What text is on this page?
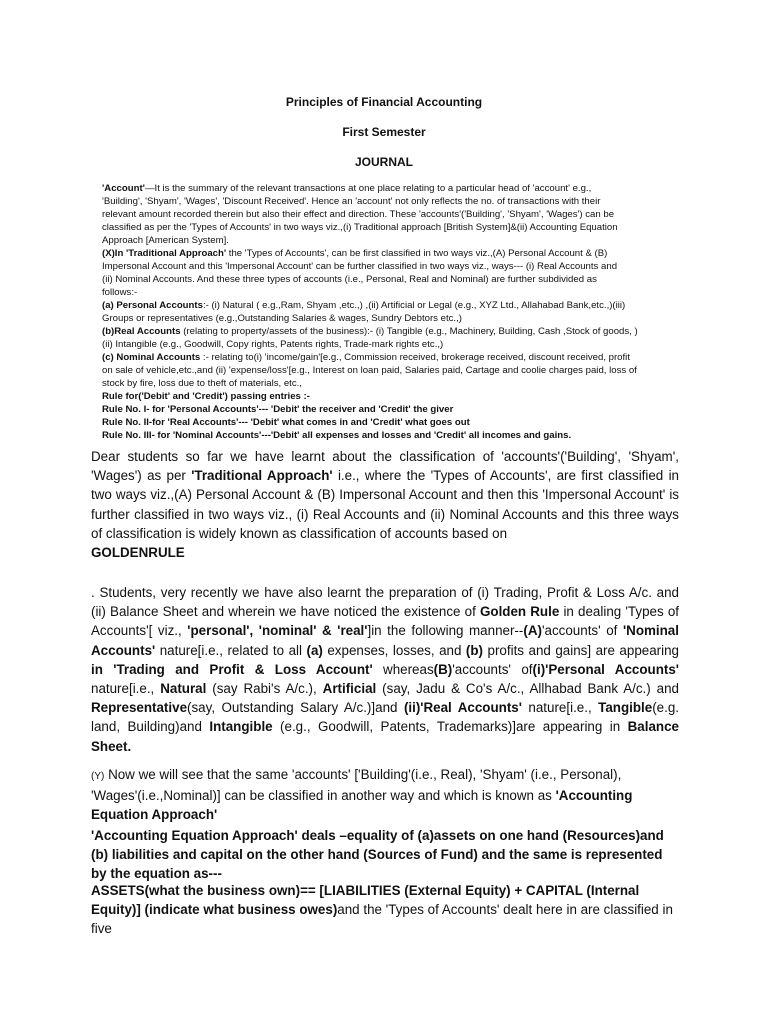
Principles of Financial Accounting
First Semester
JOURNAL
'Account'—It is the summary of the relevant transactions at one place relating to a particular head of 'account' e.g.,
'Building', 'Shyam', 'Wages', 'Discount Received'. Hence an 'account' not only reflects the no. of transactions with their
relevant amount recorded therein but also their effect and direction. These 'accounts'('Building', 'Shyam', 'Wages') can be
classified as per the 'Types of Accounts' in two ways viz.,(i) Traditional approach [British System]&(ii) Accounting Equation
Approach [American System].
(X)In 'Traditional Approach' the 'Types of Accounts', can be first classified in two ways viz.,(A) Personal Account & (B)
Impersonal Account and this 'Impersonal Account' can be further classified in two ways viz., ways--- (i) Real Accounts and
(ii) Nominal Accounts. And these three types of accounts (i.e., Personal, Real and Nominal) are further subdivided as
follows:-
(a) Personal Accounts:- (i) Natural ( e.g.,Ram, Shyam ,etc.,) ,(ii) Artificial or Legal (e.g., XYZ Ltd., Allahabad Bank,etc.,)(iii)
Groups or representatives (e.g.,Outstanding Salaries & wages, Sundry Debtors etc.,)
(b)Real Accounts (relating to property/assets of the business):- (i) Tangible (e.g., Machinery, Building, Cash ,Stock of goods, )
(ii) Intangible (e.g., Goodwill, Copy rights, Patents rights, Trade-mark rights etc.,)
(c) Nominal Accounts :- relating to(i) 'income/gain'[e.g., Commission received, brokerage received, discount received, profit
on sale of vehicle,etc.,and (ii) 'expense/loss'[e.g., Interest on loan paid, Salaries paid, Cartage and coolie charges paid, loss of
stock by fire, loss due to theft of materials, etc.,
Rule for('Debit' and 'Credit') passing entries :-
Rule No. I- for 'Personal Accounts'--- 'Debit' the receiver and 'Credit' the giver
Rule No. II-for 'Real Accounts'--- 'Debit' what comes in and 'Credit' what goes out
Rule No. III- for 'Nominal Accounts'---'Debit' all expenses and losses and 'Credit' all incomes and gains.

Dear students so far we have learnt about the classification of 'accounts'('Building', 'Shyam', 'Wages') as per 'Traditional Approach' i.e., where the 'Types of Accounts', are first classified in two ways viz.,(A) Personal Account & (B) Impersonal Account and then this 'Impersonal Account' is further classified in two ways viz., (i) Real Accounts and (ii) Nominal Accounts and this three ways of classification is widely known as classification of accounts based on

GOLDENRULE

. Students, very recently we have also learnt the preparation of (i) Trading, Profit & Loss A/c. and (ii) Balance Sheet and wherein we have noticed the existence of Golden Rule in dealing 'Types of Accounts'[ viz., 'personal', 'nominal' & 'real']in the following manner--(A)'accounts' of 'Nominal Accounts' nature[i.e., related to all (a) expenses, losses, and (b) profits and gains] are appearing in 'Trading and Profit & Loss Account' whereas(B)'accounts' of(i)'Personal Accounts' nature[i.e., Natural (say Rabi's A/c.), Artificial (say, Jadu & Co's A/c., Allhabad Bank A/c.) and Representative(say, Outstanding Salary A/c.)]and (ii)'Real Accounts' nature[i.e., Tangible(e.g. land, Building)and Intangible (e.g., Goodwill, Patents, Trademarks)]are appearing in Balance Sheet.

(Y) Now we will see that the same 'accounts' ['Building'(i.e., Real), 'Shyam' (i.e., Personal), 'Wages'(i.e.,Nominal)] can be classified in another way and which is known as 'Accounting Equation Approach'

'Accounting Equation Approach' deals –equality of (a)assets on one hand (Resources)and (b) liabilities and capital on the other hand (Sources of Fund) and the same is represented by the equation as---

ASSETS(what the business own)== [LIABILITIES (External Equity) + CAPITAL (Internal Equity)] (indicate what business owes)and the 'Types of Accounts' dealt here in are classified in five
